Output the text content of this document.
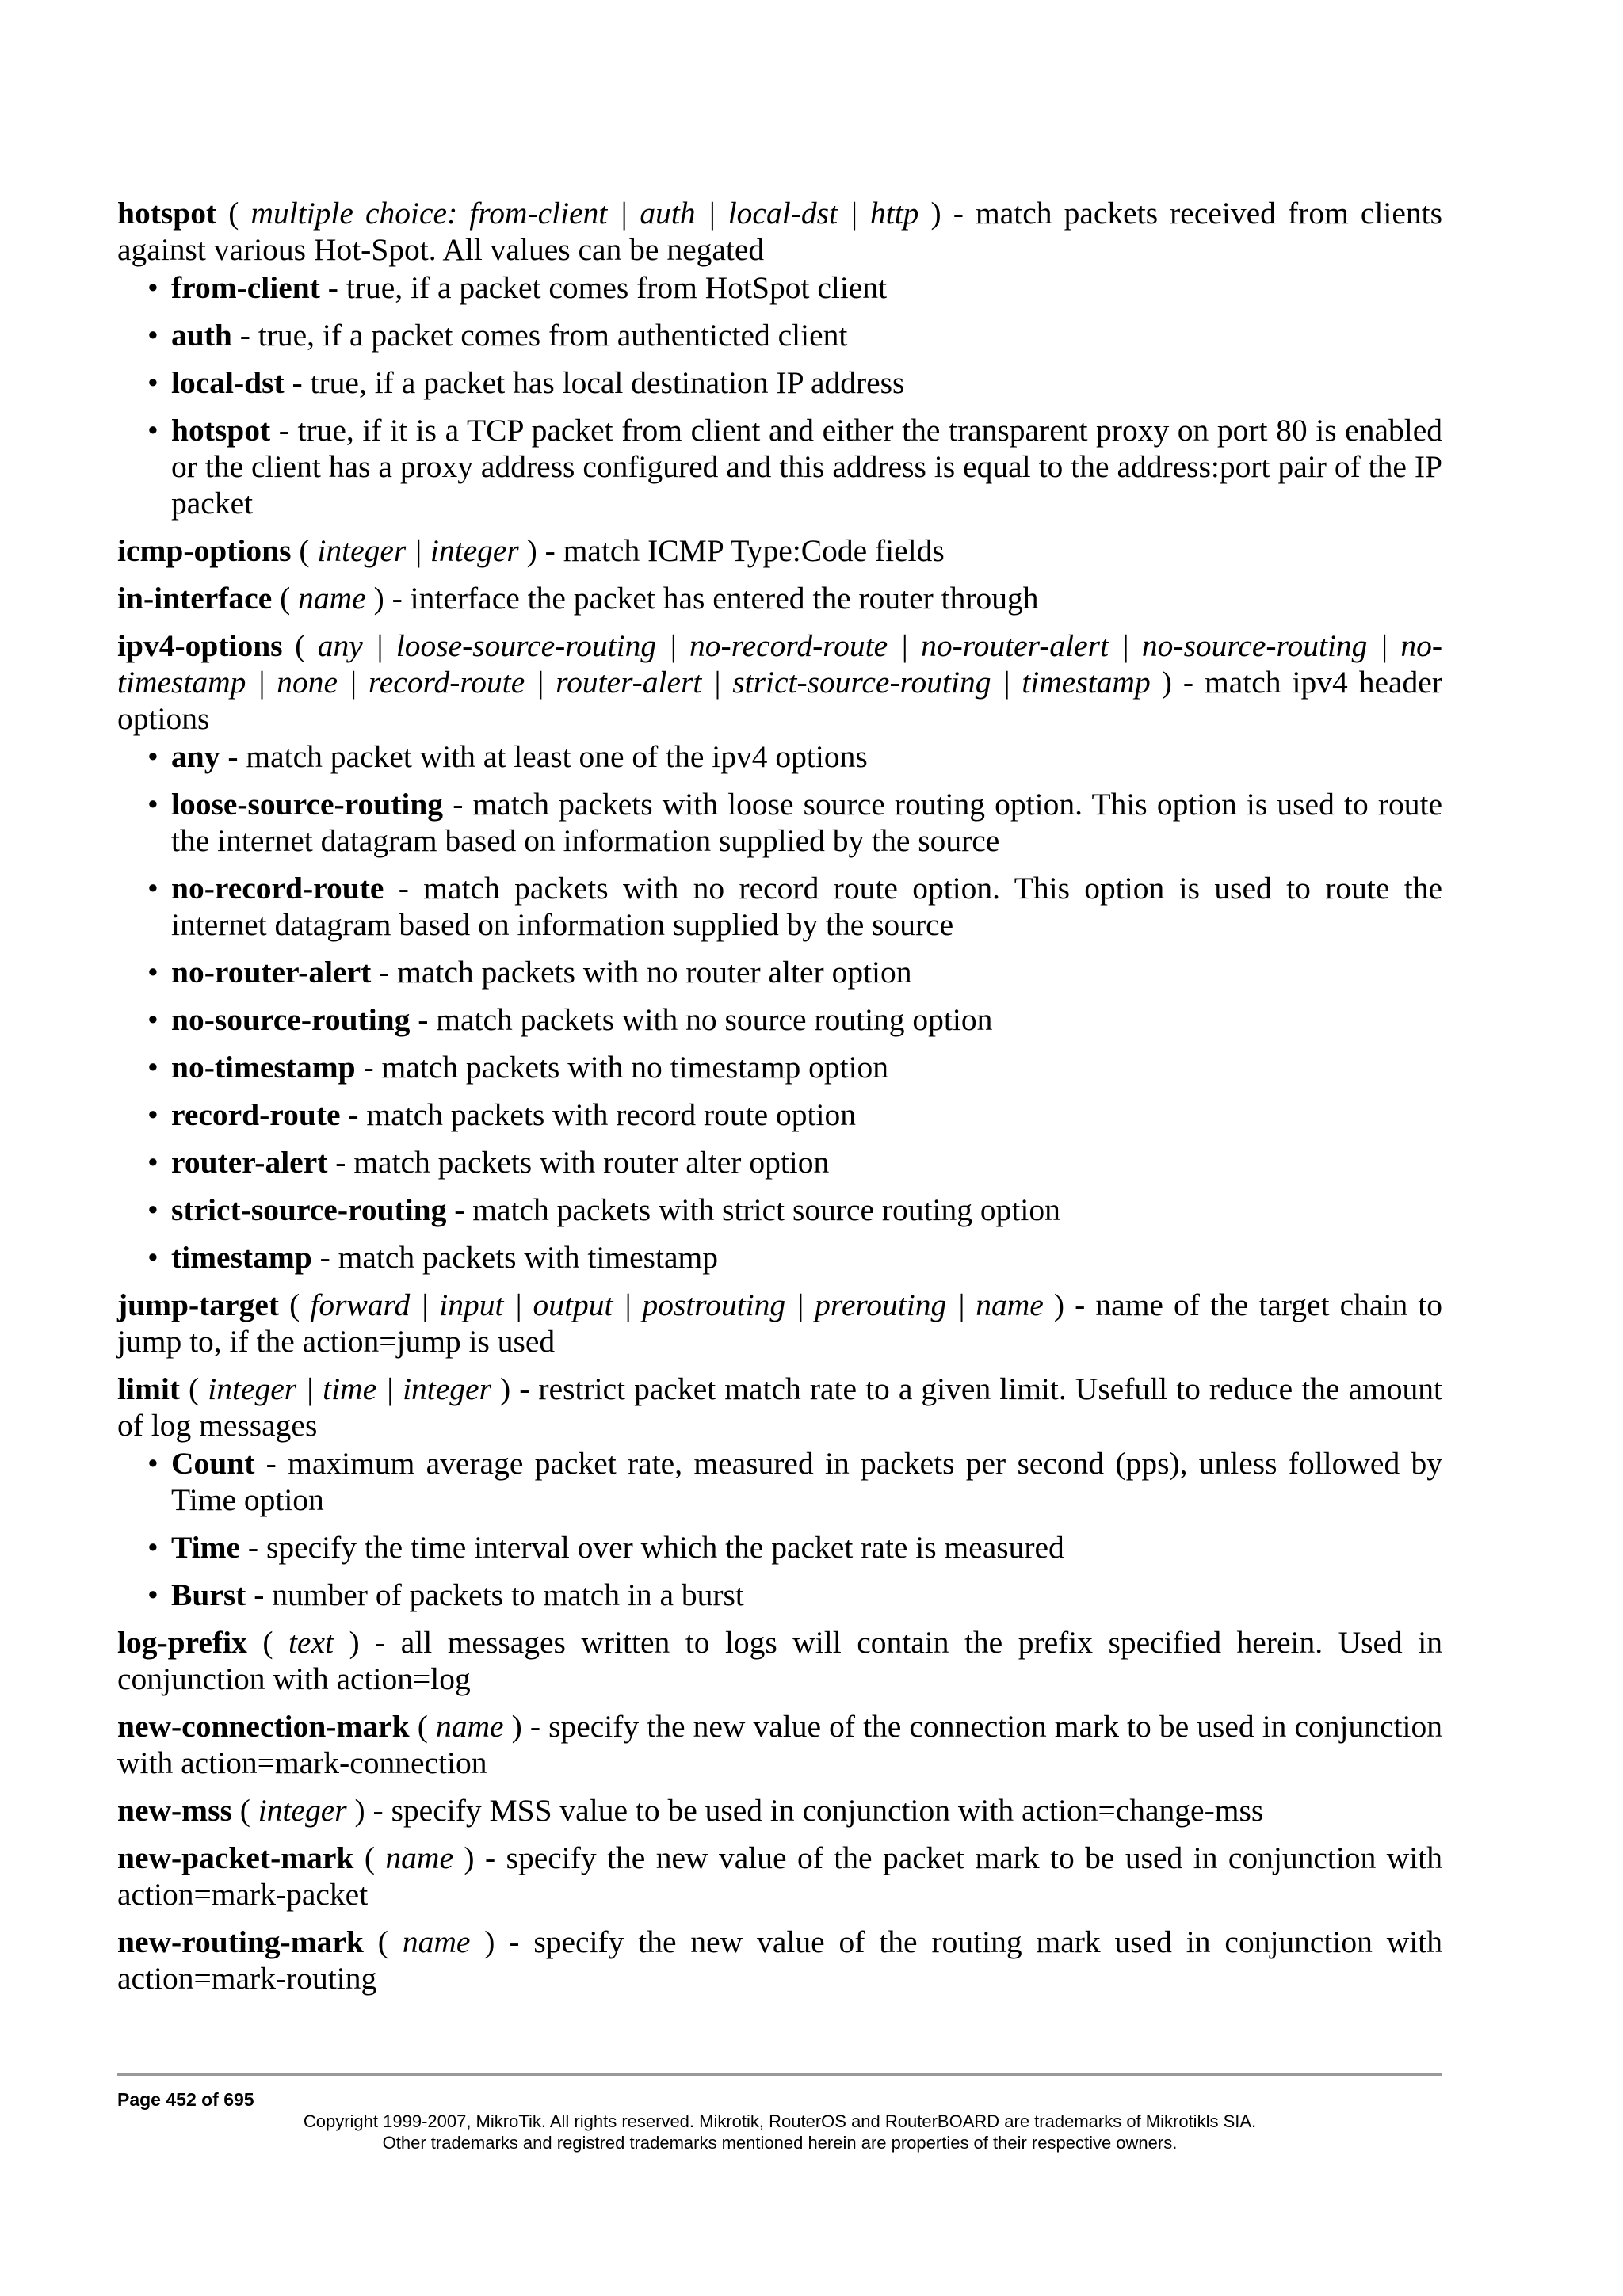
hotspot ( multiple choice: from-client | auth | local-dst | http ) - match packets received from clients against various Hot-Spot. All values can be negated
• from-client - true, if a packet comes from HotSpot client
• auth - true, if a packet comes from authenticted client
• local-dst - true, if a packet has local destination IP address
• hotspot - true, if it is a TCP packet from client and either the transparent proxy on port 80 is enabled or the client has a proxy address configured and this address is equal to the address:port pair of the IP packet
icmp-options ( integer | integer ) - match ICMP Type:Code fields
in-interface ( name ) - interface the packet has entered the router through
ipv4-options ( any | loose-source-routing | no-record-route | no-router-alert | no-source-routing | no-timestamp | none | record-route | router-alert | strict-source-routing | timestamp ) - match ipv4 header options
• any - match packet with at least one of the ipv4 options
• loose-source-routing - match packets with loose source routing option. This option is used to route the internet datagram based on information supplied by the source
• no-record-route - match packets with no record route option. This option is used to route the internet datagram based on information supplied by the source
• no-router-alert - match packets with no router alter option
• no-source-routing - match packets with no source routing option
• no-timestamp - match packets with no timestamp option
• record-route - match packets with record route option
• router-alert - match packets with router alter option
• strict-source-routing - match packets with strict source routing option
• timestamp - match packets with timestamp
jump-target ( forward | input | output | postrouting | prerouting | name ) - name of the target chain to jump to, if the action=jump is used
limit ( integer | time | integer ) - restrict packet match rate to a given limit. Usefull to reduce the amount of log messages
• Count - maximum average packet rate, measured in packets per second (pps), unless followed by Time option
• Time - specify the time interval over which the packet rate is measured
• Burst - number of packets to match in a burst
log-prefix ( text ) - all messages written to logs will contain the prefix specified herein. Used in conjunction with action=log
new-connection-mark ( name ) - specify the new value of the connection mark to be used in conjunction with action=mark-connection
new-mss ( integer ) - specify MSS value to be used in conjunction with action=change-mss
new-packet-mark ( name ) - specify the new value of the packet mark to be used in conjunction with action=mark-packet
new-routing-mark ( name ) - specify the new value of the routing mark used in conjunction with action=mark-routing
Page 452 of 695
Copyright 1999-2007, MikroTik. All rights reserved. Mikrotik, RouterOS and RouterBOARD are trademarks of Mikrotikls SIA.
Other trademarks and registred trademarks mentioned herein are properties of their respective owners.
